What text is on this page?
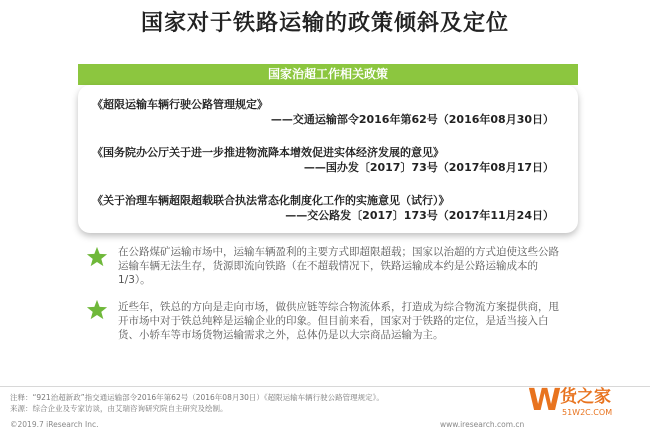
国家对于铁路运输的政策倾斜及定位
国家治超工作相关政策
《超限运输车辆行驶公路管理规定》
——交通运输部令2016年第62号（2016年08月30日）
《国务院办公厅关于进一步推进物流降本增效促进实体经济发展的意见》
——国办发〔2017〕73号（2017年08月17日）
《关于治理车辆超限超载联合执法常态化制度化工作的实施意见（试行）》
——交公路发〔2017〕173号（2017年11月24日）
在公路煤矿运输市场中，运输车辆盈利的主要方式即超限超载；国家以治超的方式迫使这些公路运输车辆无法生存，货源即流向铁路（在不超载情况下，铁路运输成本约是公路运输成本的1/3）。
近些年，铁总的方向是走向市场，做供应链等综合物流体系，打造成为综合物流方案提供商，甩开市场中对于铁总纯粹是运输企业的印象。但目前来看，国家对于铁路的定位，是适当接入白货、小轿车等市场货物运输需求之外，总体仍是以大宗商品运输为主。
注释：“921治超新政”指交通运输部令2016年第62号（2016年08月30日）《超限运输车辆行驶公路管理规定》。
来源：综合企业及专家访谈，由艾瑞咨询研究院自主研究及绘制。
©2019.7 iResearch Inc.	www.iresearch.com.cn
W
货之家
51W2C.COM
